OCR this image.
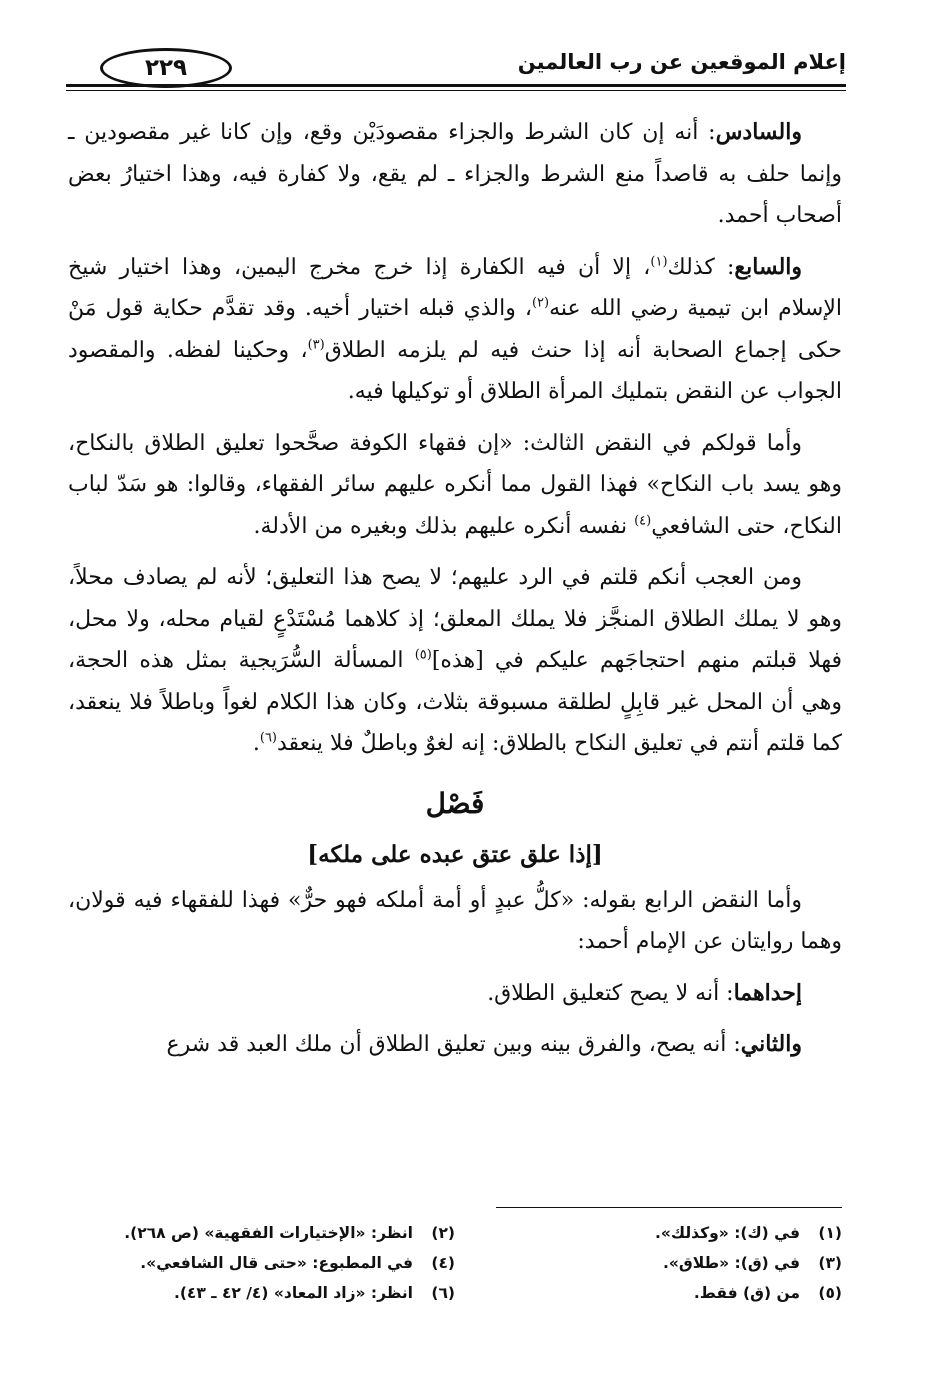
إعلام الموقعين عن رب العالمين
٢٢٩

والسادس: أنه إن كان الشرط والجزاء مقصودَيْن وقع، وإن كانا غير مقصودين ـ وإنما حلف به قاصداً منع الشرط والجزاء ـ لم يقع، ولا كفارة فيه، وهذا اختيارُ بعض أصحاب أحمد.

والسابع: كذلك$^{(١)}$، إلا أن فيه الكفارة إذا خرج مخرج اليمين، وهذا اختيار شيخ الإسلام ابن تيمية رضي الله عنه$^{(٢)}$، والذي قبله اختيار أخيه. وقد تقدَّم حكاية قول مَنْ حكى إجماع الصحابة أنه إذا حنث فيه لم يلزمه الطلاق$^{(٣)}$، وحكينا لفظه. والمقصود الجواب عن النقض بتمليك المرأة الطلاق أو توكيلها فيه.

وأما قولكم في النقض الثالث: «إن فقهاء الكوفة صحَّحوا تعليق الطلاق بالنكاح، وهو يسد باب النكاح» فهذا القول مما أنكره عليهم سائر الفقهاء، وقالوا: هو سَدّ لباب النكاح، حتى الشافعي$^{(٤)}$ نفسه أنكره عليهم بذلك وبغيره من الأدلة.

ومن العجب أنكم قلتم في الرد عليهم؛ لا يصح هذا التعليق؛ لأنه لم يصادف محلاً، وهو لا يملك الطلاق المنجَّز فلا يملك المعلق؛ إذ كلاهما مُسْتَدْعٍ لقيام محله، ولا محل، فهلا قبلتم منهم احتجاجَهم عليكم في [هذه]$^{(٥)}$ المسألة السُّرَيجية بمثل هذه الحجة، وهي أن المحل غير قابِلٍ لطلقة مسبوقة بثلاث، وكان هذا الكلام لغواً وباطلاً فلا ينعقد، كما قلتم أنتم في تعليق النكاح بالطلاق: إنه لغوٌ وباطلٌ فلا ينعقد$^{(٦)}$.

فَصْل
[إذا علق عتق عبده على ملكه]

وأما النقض الرابع بقوله: «كلُّ عبدٍ أو أمة أملكه فهو حرٌّ» فهذا للفقهاء فيه قولان، وهما روايتان عن الإمام أحمد:

إحداهما: أنه لا يصح كتعليق الطلاق.

والثاني: أنه يصح، والفرق بينه وبين تعليق الطلاق أن ملك العبد قد شرع

(١)
في (ك): «وكذلك».
(٢)
انظر: «الإختيارات الفقهية» (ص ٢٦٨).
(٣)
في (ق): «طلاق».
(٤)
في المطبوع: «حتى قال الشافعي».
(٥)
من (ق) فقط.
(٦)
انظر: «زاد المعاد» (٤/ ٤٢ ـ ٤٣).
